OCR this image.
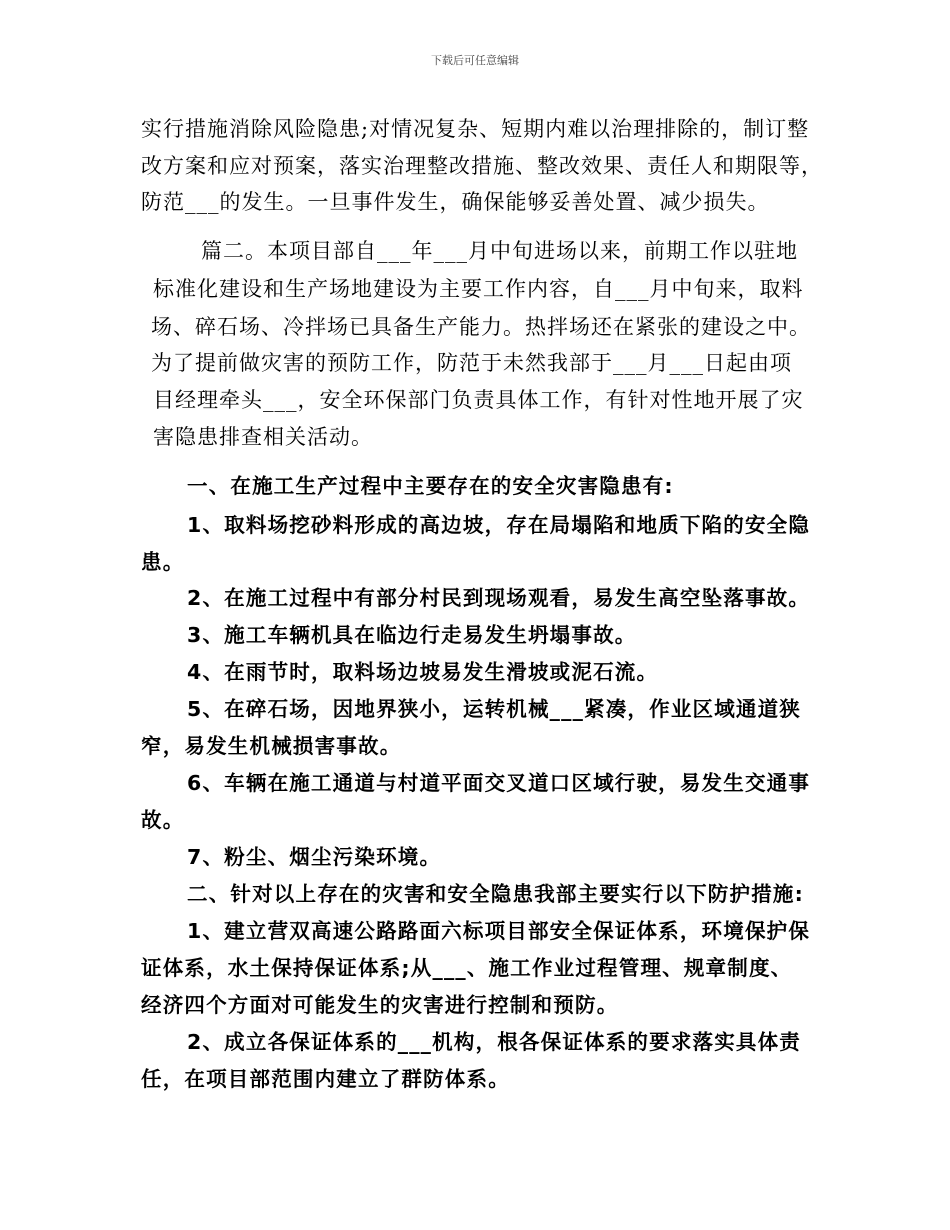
下载后可任意编辑
实行措施消除风险隐患;对情况复杂、短期内难以治理排除的，制订整
改方案和应对预案，落实治理整改措施、整改效果、责任人和期限等，
防范___的发生。一旦事件发生，确保能够妥善处置、减少损失。
篇二。本项目部自___年___月中旬进场以来，前期工作以驻地
标准化建设和生产场地建设为主要工作内容，自___月中旬来，取料
场、碎石场、冷拌场已具备生产能力。热拌场还在紧张的建设之中。
为了提前做灾害的预防工作，防范于未然我部于___月___日起由项
目经理牵头___，安全环保部门负责具体工作，有针对性地开展了灾
害隐患排查相关活动。
一、在施工生产过程中主要存在的安全灾害隐患有:
1、取料场挖砂料形成的高边坡，存在局塌陷和地质下陷的安全隐
患。
2、在施工过程中有部分村民到现场观看，易发生高空坠落事故。
3、施工车辆机具在临边行走易发生坍塌事故。
4、在雨节时，取料场边坡易发生滑坡或泥石流。
5、在碎石场，因地界狭小，运转机械___紧凑，作业区域通道狭
窄，易发生机械损害事故。
6、车辆在施工通道与村道平面交叉道口区域行驶，易发生交通事
故。
7、粉尘、烟尘污染环境。
二、针对以上存在的灾害和安全隐患我部主要实行以下防护措施:
1、建立营双高速公路路面六标项目部安全保证体系，环境保护保
证体系，水土保持保证体系;从___、施工作业过程管理、规章制度、
经济四个方面对可能发生的灾害进行控制和预防。
2、成立各保证体系的___机构，根各保证体系的要求落实具体责
任，在项目部范围内建立了群防体系。
